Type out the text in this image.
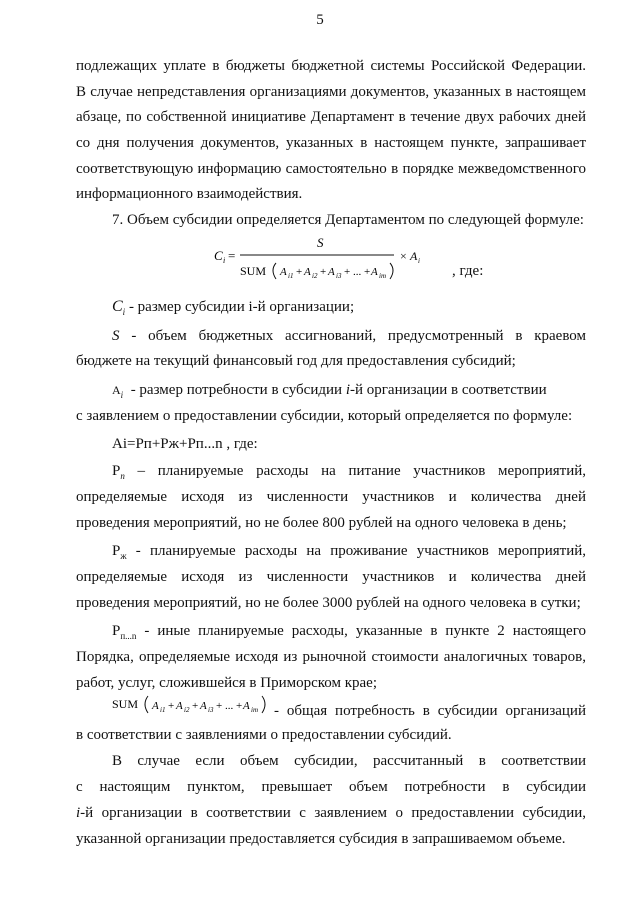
5
подлежащих уплате в бюджеты бюджетной системы Российской Федерации.
В случае непредставления организациями документов, указанных в настоящем
абзаце, по собственной инициативе Департамент в течение двух рабочих дней
со дня получения документов, указанных в настоящем пункте, запрашивает
соответствующую информацию самостоятельно в порядке межведомственного
информационного взаимодействия.
7. Объем субсидии определяется Департаментом по следующей формуле:
C i =
S
SUM A i1 + A i2 + A i3 + ... + A im
× A i
, где:
$C_i$ - размер субсидии i-й организации;
S - объем бюджетных ассигнований, предусмотренный в краевом
бюджете на текущий финансовый год для предоставления субсидий;
$A_i$ - размер потребности в субсидии i-й организации в соответствии
с заявлением о предоставлении субсидии, который определяется по формуле:
Аi=Рп+Рж+Рп...n , где:
$Р_п$ – планируемые расходы на питание участников мероприятий,
определяемые исходя из численности участников и количества дней
проведения мероприятий, но не более 800 рублей на одного человека в день;
$Р_ж$ - планируемые расходы на проживание участников мероприятий,
определяемые исходя из численности участников и количества дней
проведения мероприятий, но не более 3000 рублей на одного человека в сутки;
$Р_{п...n}$ - иные планируемые расходы, указанные в пункте 2 настоящего
Порядка, определяемые исходя из рыночной стоимости аналогичных товаров,
работ, услуг, сложившейся в Приморском крае;
SUM A i1 + A i2 + A i3 + ... + A im - общая потребность в субсидии организаций
в соответствии с заявлениями о предоставлении субсидий.
В случае если объем субсидии, рассчитанный в соответствии
с настоящим пунктом, превышает объем потребности в субсидии
i-й организации в соответствии с заявлением о предоставлении субсидии,
указанной организации предоставляется субсидия в запрашиваемом объеме.
